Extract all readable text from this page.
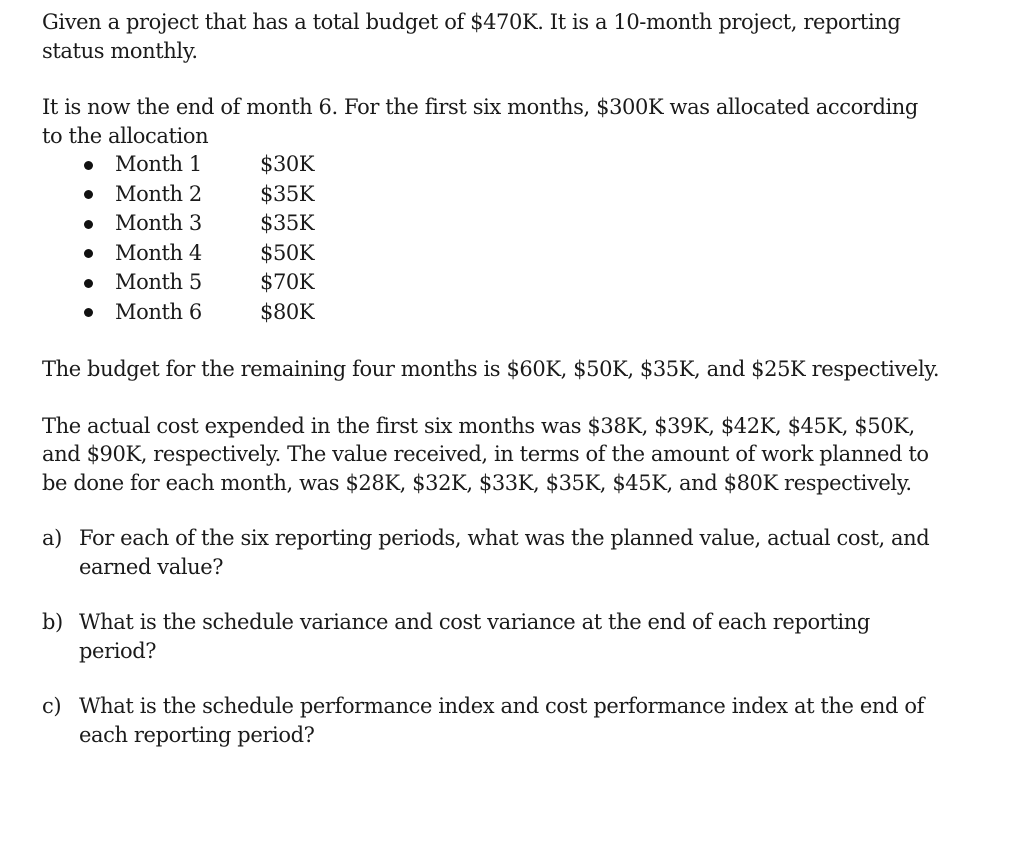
Given a project that has a total budget of $470K. It is a 10-month project, reporting status monthly.

It is now the end of month 6. For the first six months, $300K was allocated according to the allocation

Month 1	$30K
Month 2	$35K
Month 3	$35K
Month 4	$50K
Month 5	$70K
Month 6	$80K

The budget for the remaining four months is $60K, $50K, $35K, and $25K respectively.

The actual cost expended in the first six months was $38K, $39K, $42K, $45K, $50K, and $90K, respectively. The value received, in terms of the amount of work planned to be done for each month, was $28K, $32K, $33K, $35K, $45K, and $80K respectively.

a) For each of the six reporting periods, what was the planned value, actual cost, and earned value?
b) What is the schedule variance and cost variance at the end of each reporting period?
c) What is the schedule performance index and cost performance index at the end of each reporting period?
